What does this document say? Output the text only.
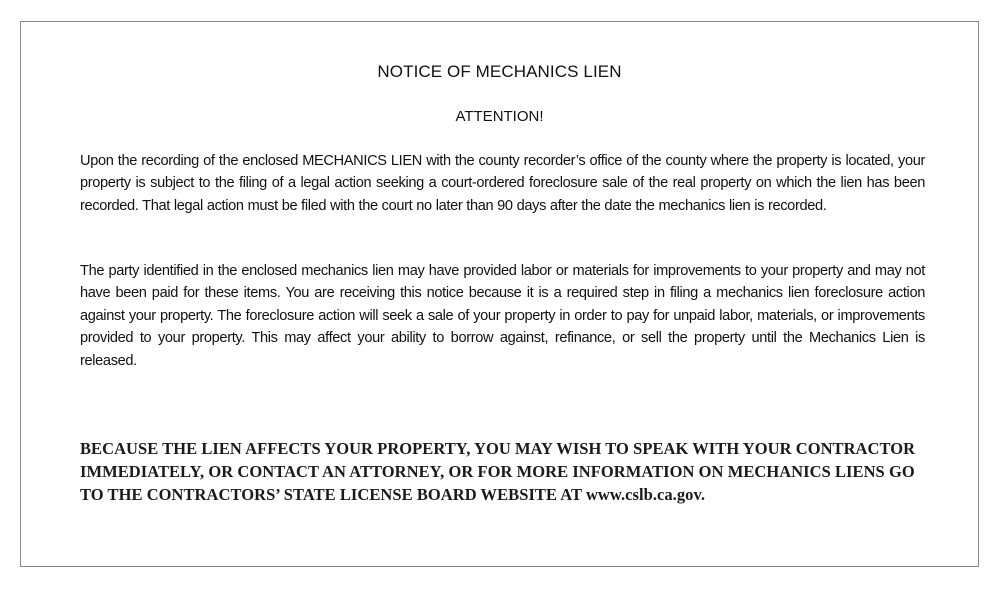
NOTICE OF MECHANICS LIEN
ATTENTION!

Upon the recording of the enclosed MECHANICS LIEN with the county recorder’s office of the county where the property is located, your property is subject to the filing of a legal action seeking a court-ordered foreclosure sale of the real property on which the lien has been recorded. That legal action must be filed with the court no later than 90 days after the date the mechanics lien is recorded.

The party identified in the enclosed mechanics lien may have provided labor or materials for improvements to your property and may not have been paid for these items. You are receiving this notice because it is a required step in filing a mechanics lien foreclosure action against your property. The foreclosure action will seek a sale of your property in order to pay for unpaid labor, materials, or improvements provided to your property. This may affect your ability to borrow against, refinance, or sell the property until the Mechanics Lien is released.

BECAUSE THE LIEN AFFECTS YOUR PROPERTY, YOU MAY WISH TO SPEAK WITH YOUR CONTRACTOR IMMEDIATELY, OR CONTACT AN ATTORNEY, OR FOR MORE INFORMATION ON MECHANICS LIENS GO TO THE CONTRACTORS’ STATE LICENSE BOARD WEBSITE AT www.cslb.ca.gov.
